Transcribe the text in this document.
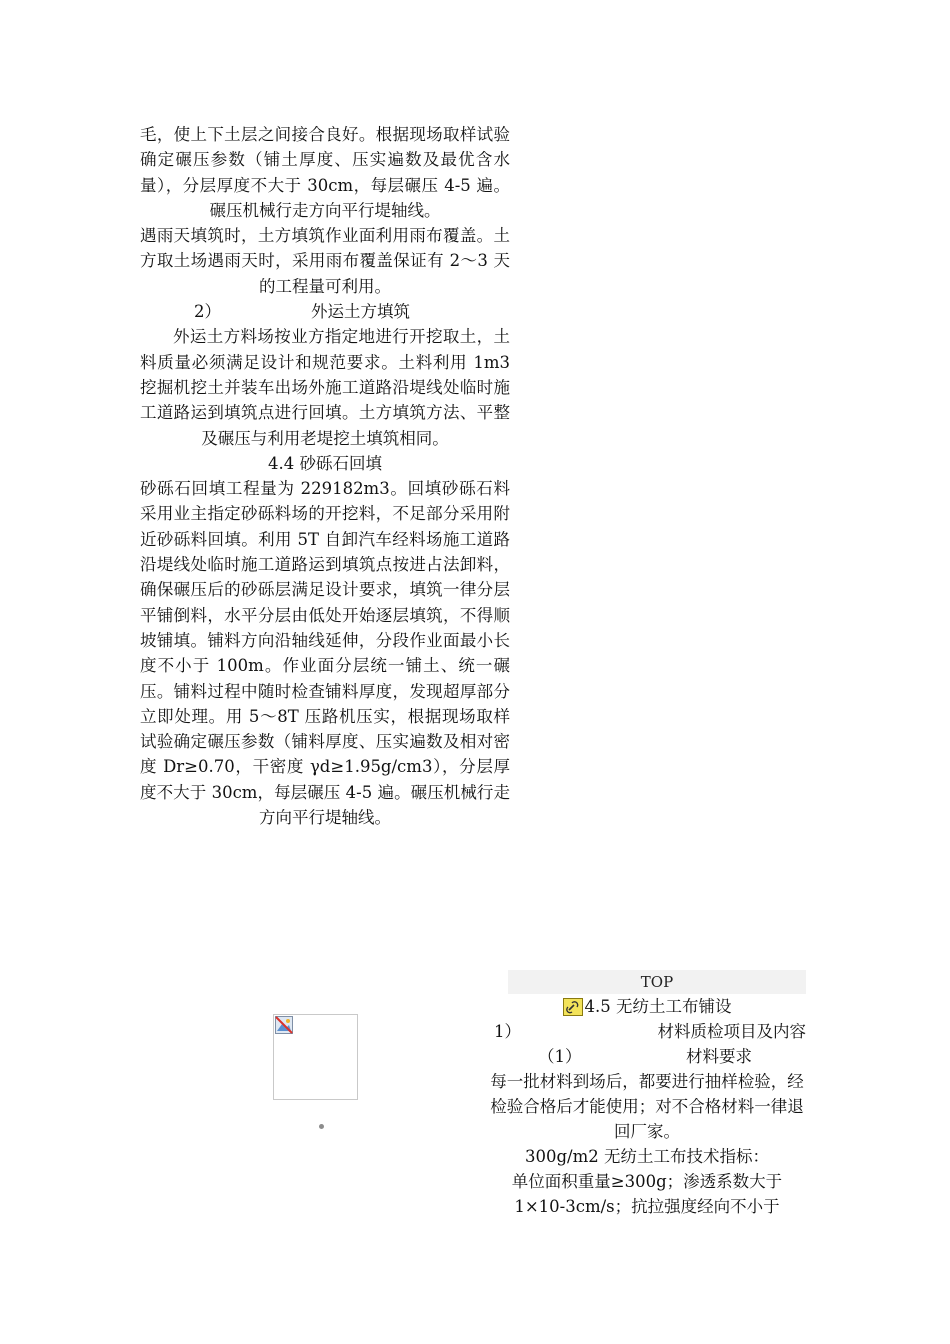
毛，使上下土层之间接合良好。根据现场取样试验确定碾压参数（铺土厚度、压实遍数及最优含水量），分层厚度不大于 30cm，每层碾压 4-5 遍。碾压机械行走方向平行堤轴线。

遇雨天填筑时，土方填筑作业面利用雨布覆盖。土方取土场遇雨天时，采用雨布覆盖保证有 2～3 天的工程量可利用。

2）	外运土方填筑

外运土方料场按业方指定地进行开挖取土，土料质量必须满足设计和规范要求。土料利用 1m3 挖掘机挖土并装车出场外施工道路沿堤线处临时施工道路运到填筑点进行回填。土方填筑方法、平整及碾压与利用老堤挖土填筑相同。

4.4 砂砾石回填

砂砾石回填工程量为 229182m3。回填砂砾石料采用业主指定砂砾料场的开挖料，不足部分采用附近砂砾料回填。利用 5T 自卸汽车经料场施工道路沿堤线处临时施工道路运到填筑点按进占法卸料，确保碾压后的砂砾层满足设计要求，填筑一律分层平铺倒料，水平分层由低处开始逐层填筑，不得顺坡铺填。铺料方向沿轴线延伸，分段作业面最小长度不小于 100m。作业面分层统一铺土、统一碾压。铺料过程中随时检查铺料厚度，发现超厚部分立即处理。用 5～8T 压路机压实，根据现场取样试验确定碾压参数（铺料厚度、压实遍数及相对密度 Dr≥0.70，干密度 γd≥1.95g/cm3），分层厚度不大于 30cm，每层碾压 4-5 遍。碾压机械行走方向平行堤轴线。

TOP

4.5 无纺土工布铺设

1）	材料质检项目及内容

（1）	材料要求

每一批材料到场后，都要进行抽样检验，经检验合格后才能使用；对不合格材料一律退回厂家。

300g/m2 无纺土工布技术指标：

单位面积重量≥300g；渗透系数大于 1×10-3cm/s；抗拉强度经向不小于
